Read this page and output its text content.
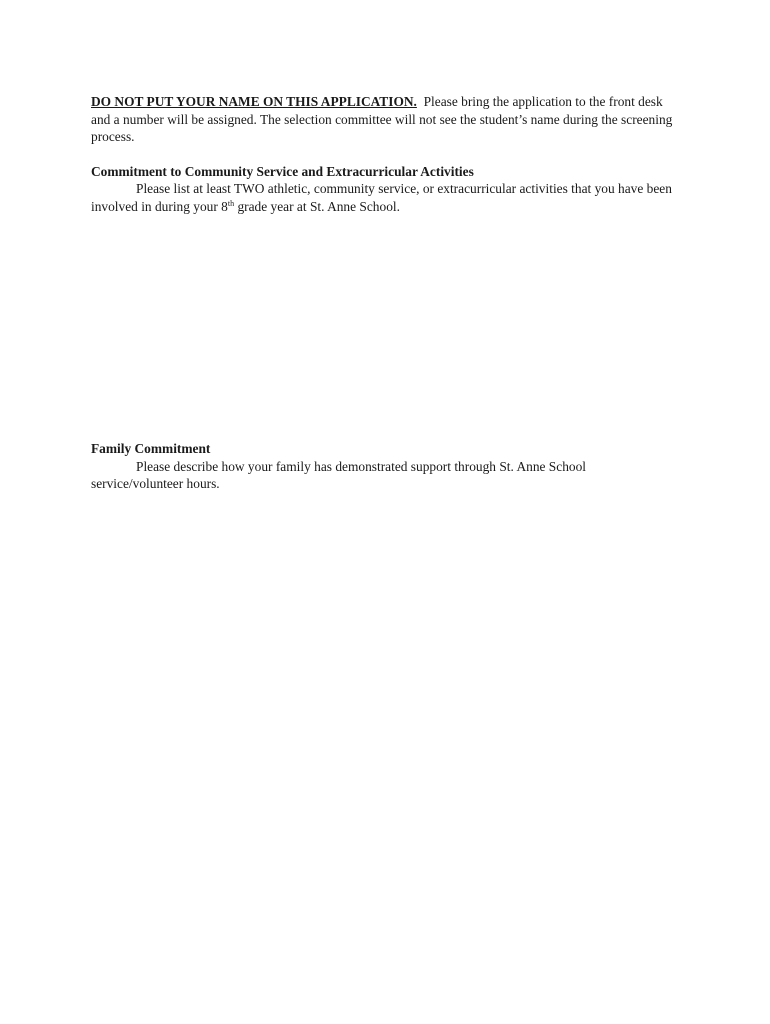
DO NOT PUT YOUR NAME ON THIS APPLICATION. Please bring the application to the front desk and a number will be assigned. The selection committee will not see the student’s name during the screening process.

Commitment to Community Service and Extracurricular Activities

Please list at least TWO athletic, community service, or extracurricular activities that you have been involved in during your 8th grade year at St. Anne School.

Family Commitment

Please describe how your family has demonstrated support through St. Anne School service/volunteer hours.
